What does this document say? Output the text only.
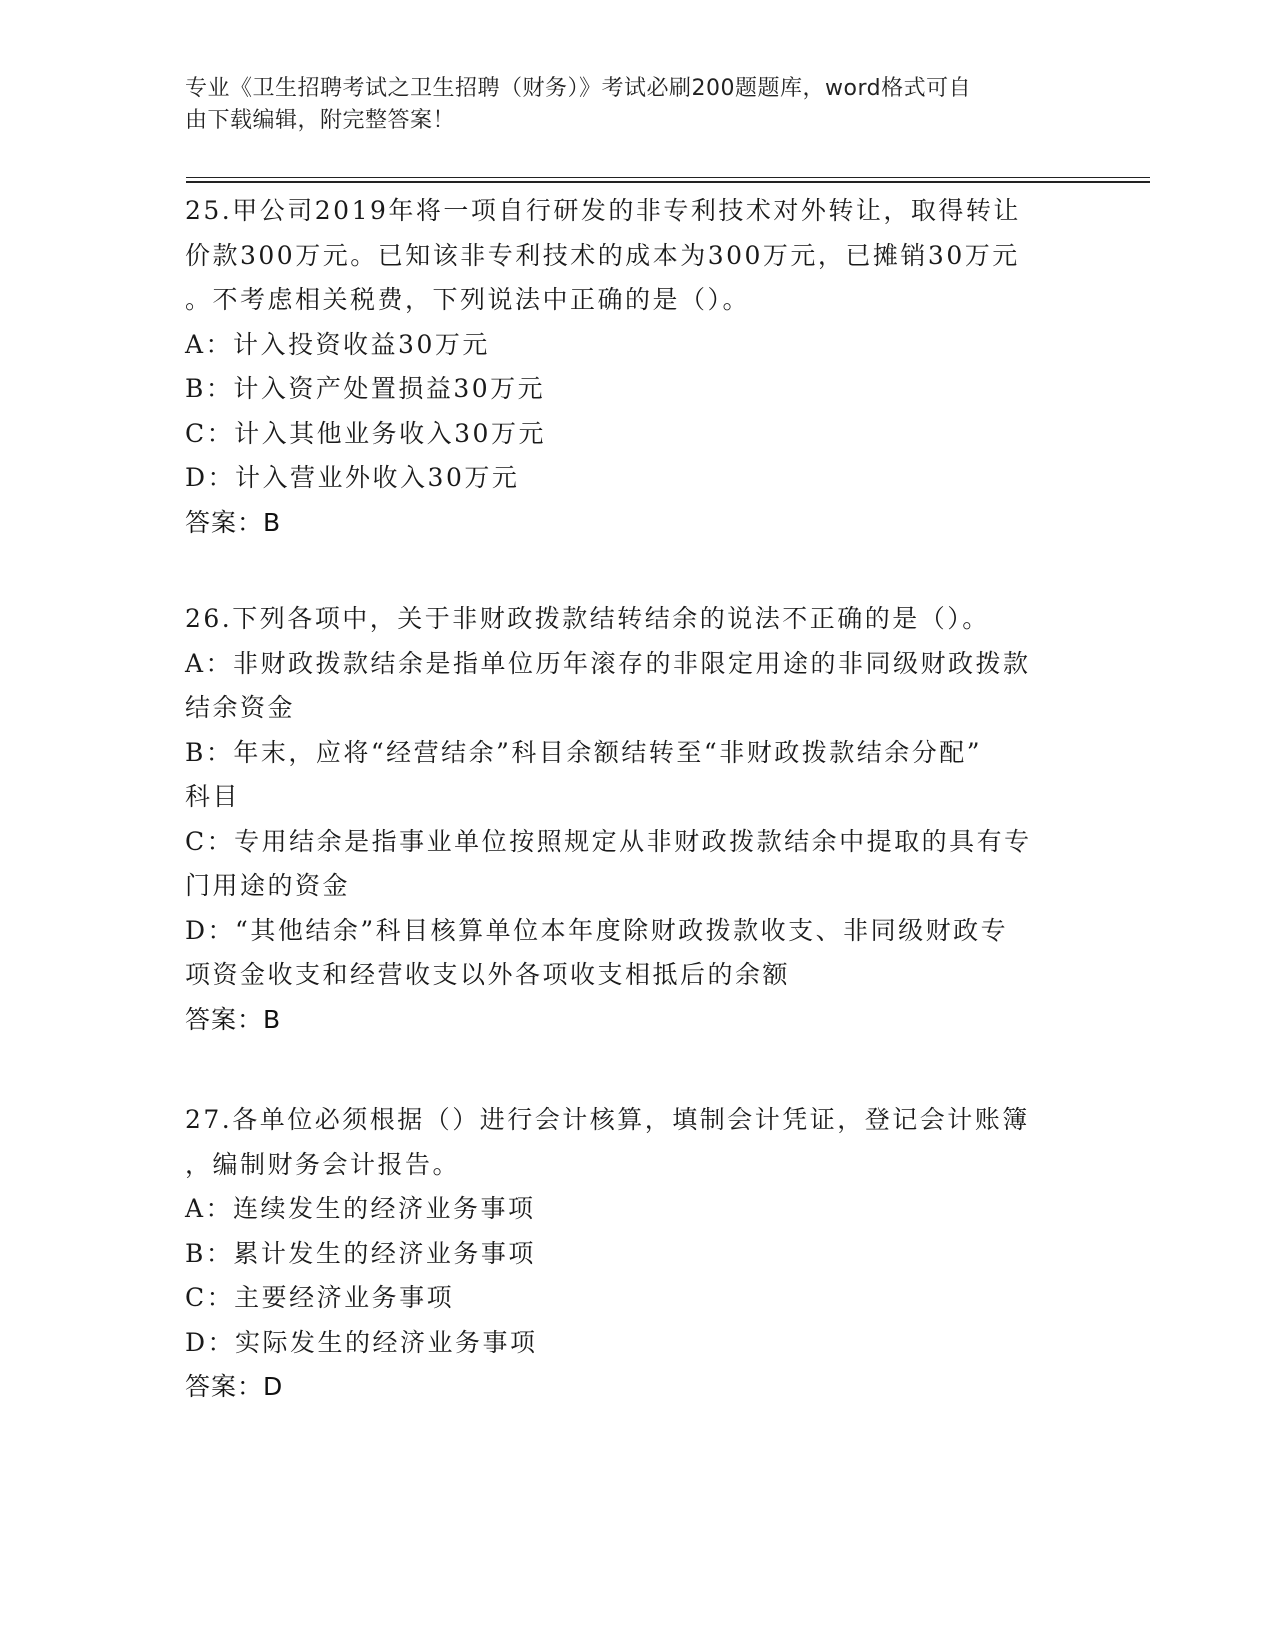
专业《卫生招聘考试之卫生招聘（财务）》考试必刷200题题库，word格式可自
由下载编辑，附完整答案！
25.甲公司2019年将一项自行研发的非专利技术对外转让，取得转让
价款300万元。已知该非专利技术的成本为300万元，已摊销30万元
。不考虑相关税费，下列说法中正确的是（）。
A：计入投资收益30万元
B：计入资产处置损益30万元
C：计入其他业务收入30万元
D：计入营业外收入30万元
答案：B
26.下列各项中，关于非财政拨款结转结余的说法不正确的是（）。
A：非财政拨款结余是指单位历年滚存的非限定用途的非同级财政拨款
结余资金
B：年末，应将“经营结余”科目余额结转至“非财政拨款结余分配”
科目
C：专用结余是指事业单位按照规定从非财政拨款结余中提取的具有专
门用途的资金
D：“其他结余”科目核算单位本年度除财政拨款收支、非同级财政专
项资金收支和经营收支以外各项收支相抵后的余额
答案：B
27.各单位必须根据（）进行会计核算，填制会计凭证，登记会计账簿
，编制财务会计报告。
A：连续发生的经济业务事项
B：累计发生的经济业务事项
C：主要经济业务事项
D：实际发生的经济业务事项
答案：D
